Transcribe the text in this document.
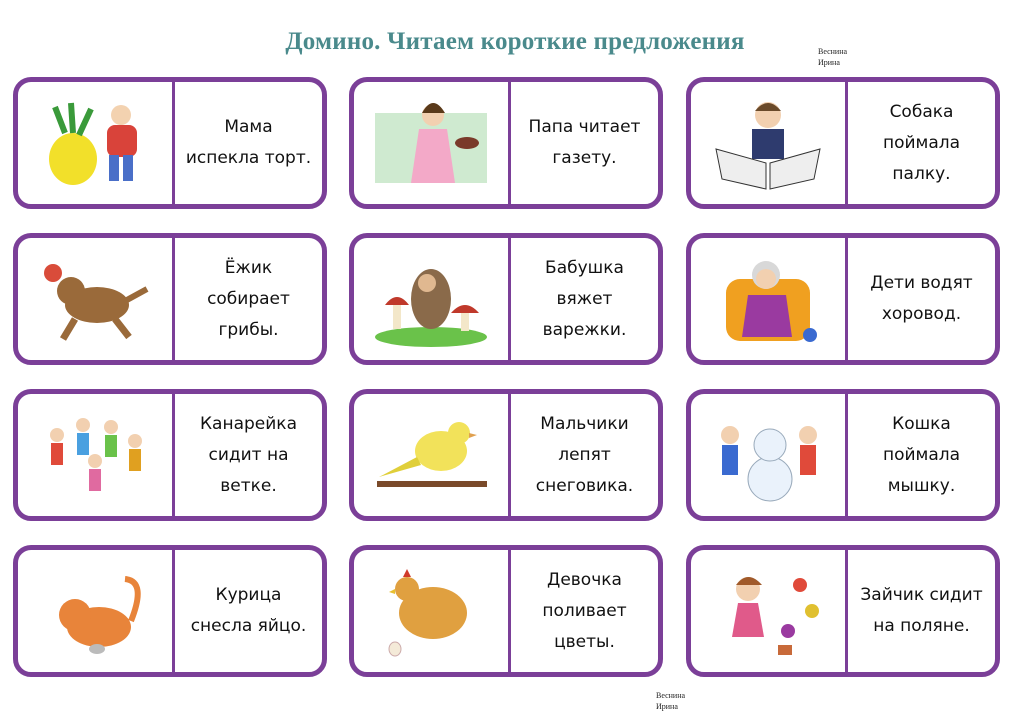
Домино. Читаем короткие предложения	Веснина
Ирина
Веснина
Ирина
Мама
испекла торт.
Папа читает
газету.
Собака
поймала
палку.
Ёжик
собирает
грибы.
Бабушка
вяжет
варежки.
Дети водят
хоровод.
Канарейка
сидит на
ветке.
Мальчики
лепят
снеговика.
Кошка
поймала
мышку.
Курица
снесла яйцо.
Девочка
поливает
цветы.
Зайчик сидит
на поляне.
